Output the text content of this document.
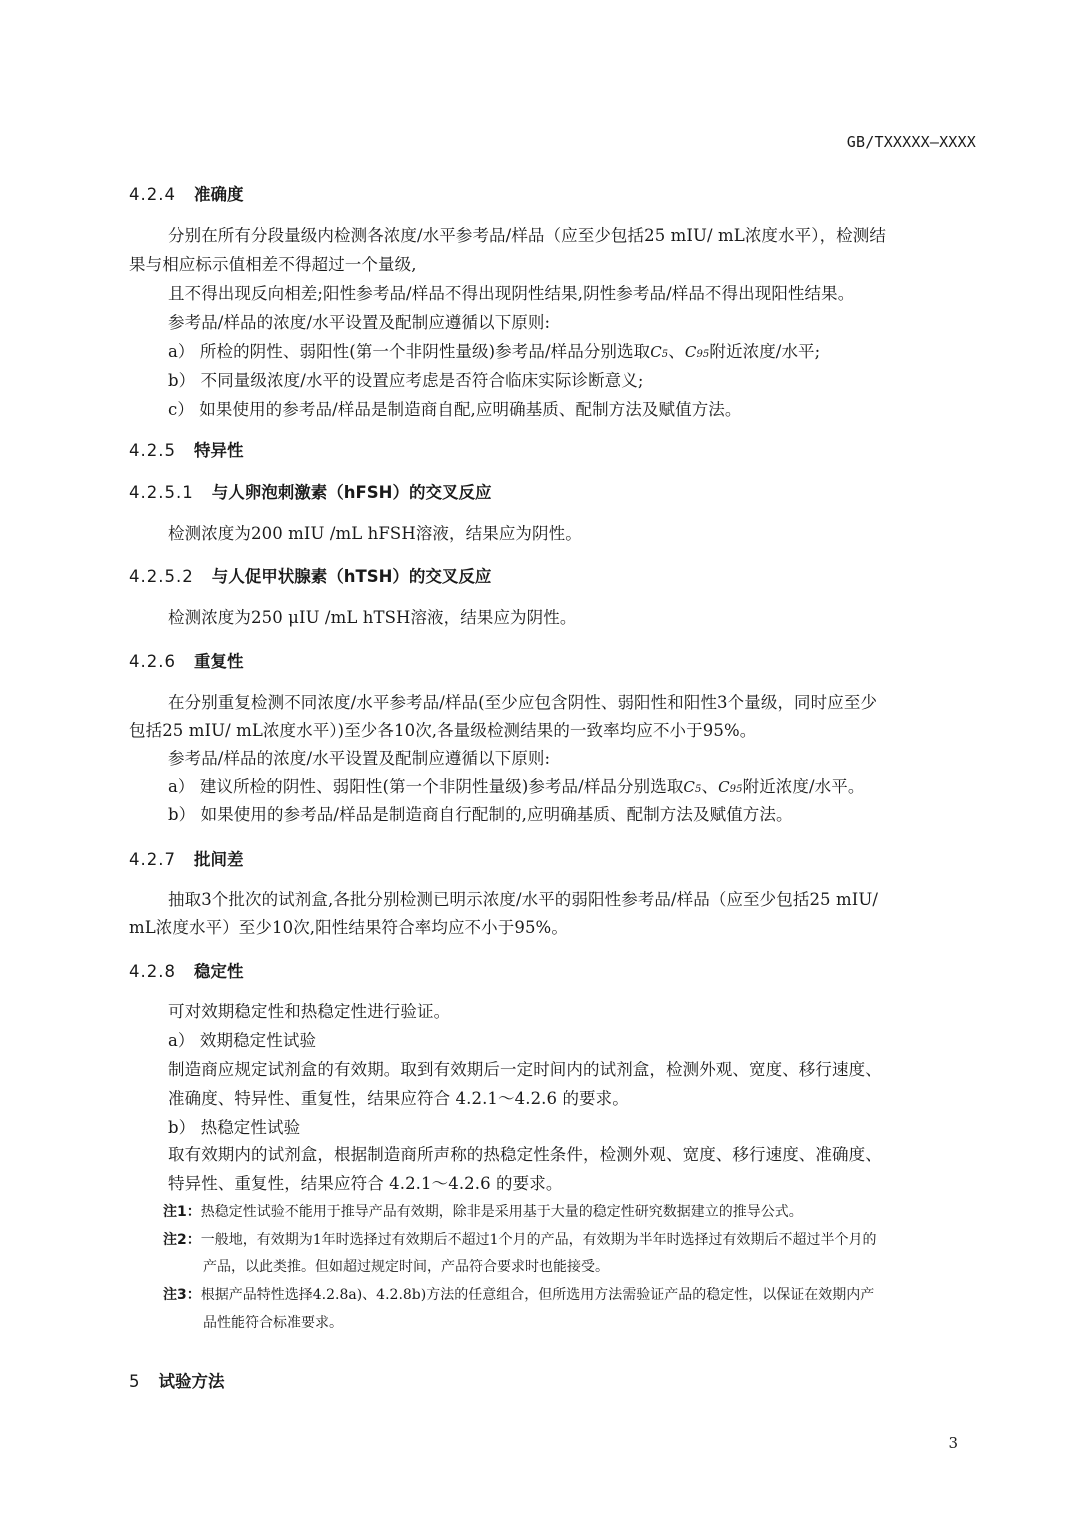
GB/TXXXXX—XXXX
4.2.4 准确度
分别在所有分段量级内检测各浓度/水平参考品/样品（应至少包括25 mIU/ mL浓度水平），检测结
果与相应标示值相差不得超过一个量级,
且不得出现反向相差;阳性参考品/样品不得出现阴性结果,阴性参考品/样品不得出现阳性结果。
参考品/样品的浓度/水平设置及配制应遵循以下原则:
a） 所检的阴性、弱阳性(第一个非阴性量级)参考品/样品分别选取C5、C95附近浓度/水平;
b） 不同量级浓度/水平的设置应考虑是否符合临床实际诊断意义;
c） 如果使用的参考品/样品是制造商自配,应明确基质、配制方法及赋值方法。
4.2.5 特异性
4.2.5.1 与人卵泡刺激素（hFSH）的交叉反应
检测浓度为200 mIU /mL hFSH溶液，结果应为阴性。
4.2.5.2 与人促甲状腺素（hTSH）的交叉反应
检测浓度为250 μIU /mL hTSH溶液，结果应为阴性。
4.2.6 重复性
在分别重复检测不同浓度/水平参考品/样品(至少应包含阴性、弱阳性和阳性3个量级，同时应至少
包括25 mIU/ mL浓度水平）)至少各10次,各量级检测结果的一致率均应不小于95%。
参考品/样品的浓度/水平设置及配制应遵循以下原则:
a） 建议所检的阴性、弱阳性(第一个非阴性量级)参考品/样品分别选取C5、C95附近浓度/水平。
b） 如果使用的参考品/样品是制造商自行配制的,应明确基质、配制方法及赋值方法。
4.2.7 批间差
抽取3个批次的试剂盒,各批分别检测已明示浓度/水平的弱阳性参考品/样品（应至少包括25 mIU/
mL浓度水平）至少10次,阳性结果符合率均应不小于95%。
4.2.8 稳定性
可对效期稳定性和热稳定性进行验证。
a） 效期稳定性试验
制造商应规定试剂盒的有效期。取到有效期后一定时间内的试剂盒，检测外观、宽度、移行速度、
准确度、特异性、重复性，结果应符合 4.2.1～4.2.6 的要求。
b） 热稳定性试验
取有效期内的试剂盒，根据制造商所声称的热稳定性条件，检测外观、宽度、移行速度、准确度、
特异性、重复性，结果应符合 4.2.1～4.2.6 的要求。
注1：热稳定性试验不能用于推导产品有效期，除非是采用基于大量的稳定性研究数据建立的推导公式。
注2：一般地，有效期为1年时选择过有效期后不超过1个月的产品，有效期为半年时选择过有效期后不超过半个月的
产品，以此类推。但如超过规定时间，产品符合要求时也能接受。
注3：根据产品特性选择4.2.8a)、4.2.8b)方法的任意组合，但所选用方法需验证产品的稳定性，以保证在效期内产
品性能符合标准要求。
5 试验方法
3
